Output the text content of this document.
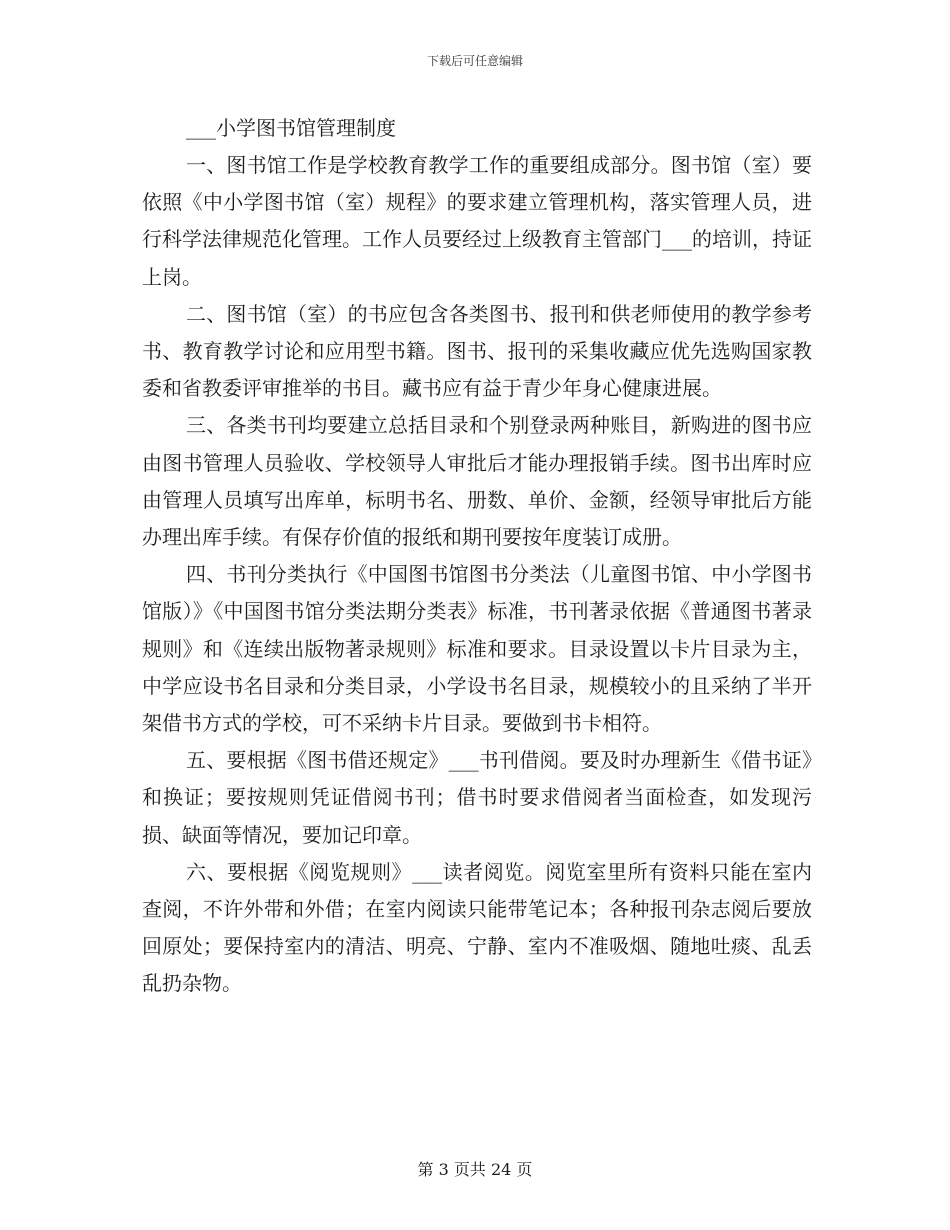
下载后可任意编辑
___小学图书馆管理制度

一、图书馆工作是学校教育教学工作的重要组成部分。图书馆（室）要依照《中小学图书馆（室）规程》的要求建立管理机构，落实管理人员，进行科学法律规范化管理。工作人员要经过上级教育主管部门___的培训，持证上岗。

二、图书馆（室）的书应包含各类图书、报刊和供老师使用的教学参考书、教育教学讨论和应用型书籍。图书、报刊的采集收藏应优先选购国家教委和省教委评审推举的书目。藏书应有益于青少年身心健康进展。

三、各类书刊均要建立总括目录和个别登录两种账目，新购进的图书应由图书管理人员验收、学校领导人审批后才能办理报销手续。图书出库时应由管理人员填写出库单，标明书名、册数、单价、金额，经领导审批后方能办理出库手续。有保存价值的报纸和期刊要按年度装订成册。

四、书刊分类执行《中国图书馆图书分类法（儿童图书馆、中小学图书馆版）》《中国图书馆分类法期分类表》标准，书刊著录依据《普通图书著录规则》和《连续出版物著录规则》标准和要求。目录设置以卡片目录为主，中学应设书名目录和分类目录，小学设书名目录，规模较小的且采纳了半开架借书方式的学校，可不采纳卡片目录。要做到书卡相符。

五、要根据《图书借还规定》___书刊借阅。要及时办理新生《借书证》和换证；要按规则凭证借阅书刊；借书时要求借阅者当面检查，如发现污损、缺面等情况，要加记印章。

六、要根据《阅览规则》___读者阅览。阅览室里所有资料只能在室内查阅，不许外带和外借；在室内阅读只能带笔记本；各种报刊杂志阅后要放回原处；要保持室内的清洁、明亮、宁静、室内不准吸烟、随地吐痰、乱丢乱扔杂物。

第 3 页共 24 页
